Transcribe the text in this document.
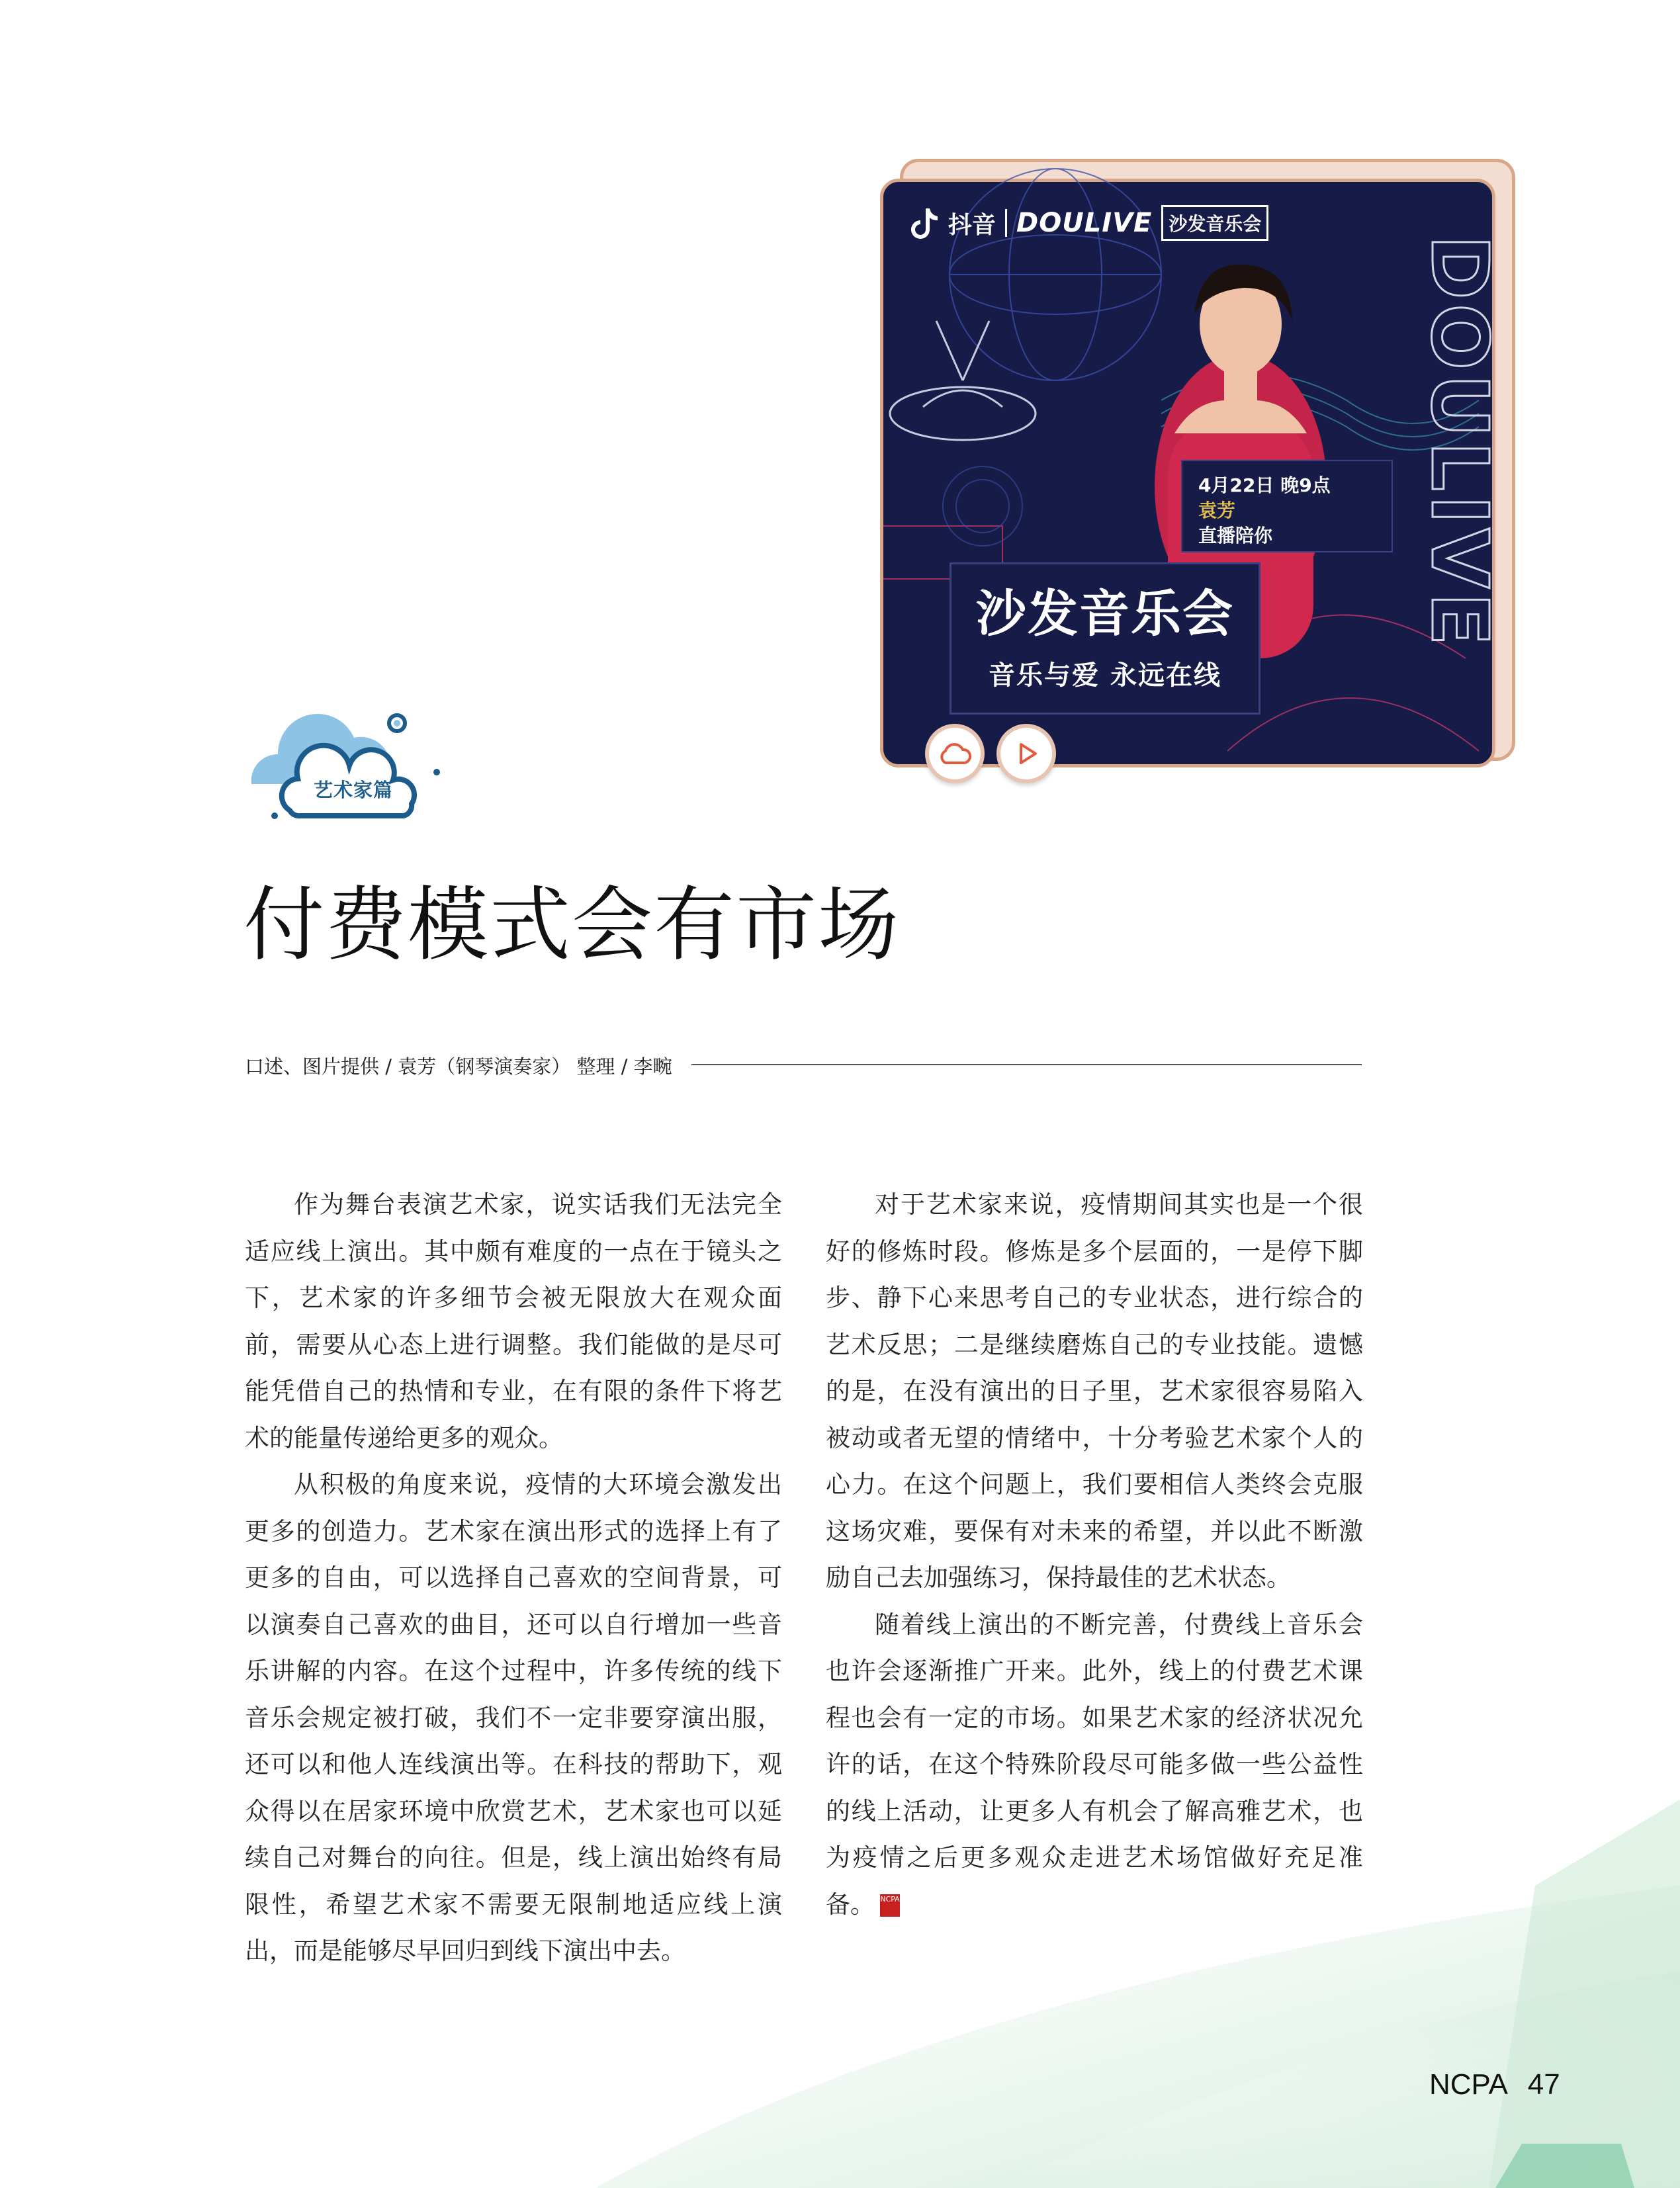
抖音 DOULIVE 沙发音乐会
DOULIVE
4月22日 晚9点
袁芳
直播陪你
沙发音乐会
音乐与爱 永远在线
艺术家篇
付费模式会有市场
口述、图片提供 / 袁芳（钢琴演奏家） 整理 / 李畹

作为舞台表演艺术家，说实话我们无法完全适应线上演出。其中颇有难度的一点在于镜头之下，艺术家的许多细节会被无限放大在观众面前，需要从心态上进行调整。我们能做的是尽可能凭借自己的热情和专业，在有限的条件下将艺术的能量传递给更多的观众。

从积极的角度来说，疫情的大环境会激发出更多的创造力。艺术家在演出形式的选择上有了更多的自由，可以选择自己喜欢的空间背景，可以演奏自己喜欢的曲目，还可以自行增加一些音乐讲解的内容。在这个过程中，许多传统的线下音乐会规定被打破，我们不一定非要穿演出服，还可以和他人连线演出等。在科技的帮助下，观众得以在居家环境中欣赏艺术，艺术家也可以延续自己对舞台的向往。但是，线上演出始终有局限性，希望艺术家不需要无限制地适应线上演出，而是能够尽早回归到线下演出中去。

对于艺术家来说，疫情期间其实也是一个很好的修炼时段。修炼是多个层面的，一是停下脚步、静下心来思考自己的专业状态，进行综合的艺术反思；二是继续磨炼自己的专业技能。遗憾的是，在没有演出的日子里，艺术家很容易陷入被动或者无望的情绪中，十分考验艺术家个人的心力。在这个问题上，我们要相信人类终会克服这场灾难，要保有对未来的希望，并以此不断激励自己去加强练习，保持最佳的艺术状态。

随着线上演出的不断完善，付费线上音乐会也许会逐渐推广开来。此外，线上的付费艺术课程也会有一定的市场。如果艺术家的经济状况允许的话，在这个特殊阶段尽可能多做一些公益性的线上活动，让更多人有机会了解高雅艺术，也为疫情之后更多观众走进艺术场馆做好充足准备。 NCPA

NCPA 47
